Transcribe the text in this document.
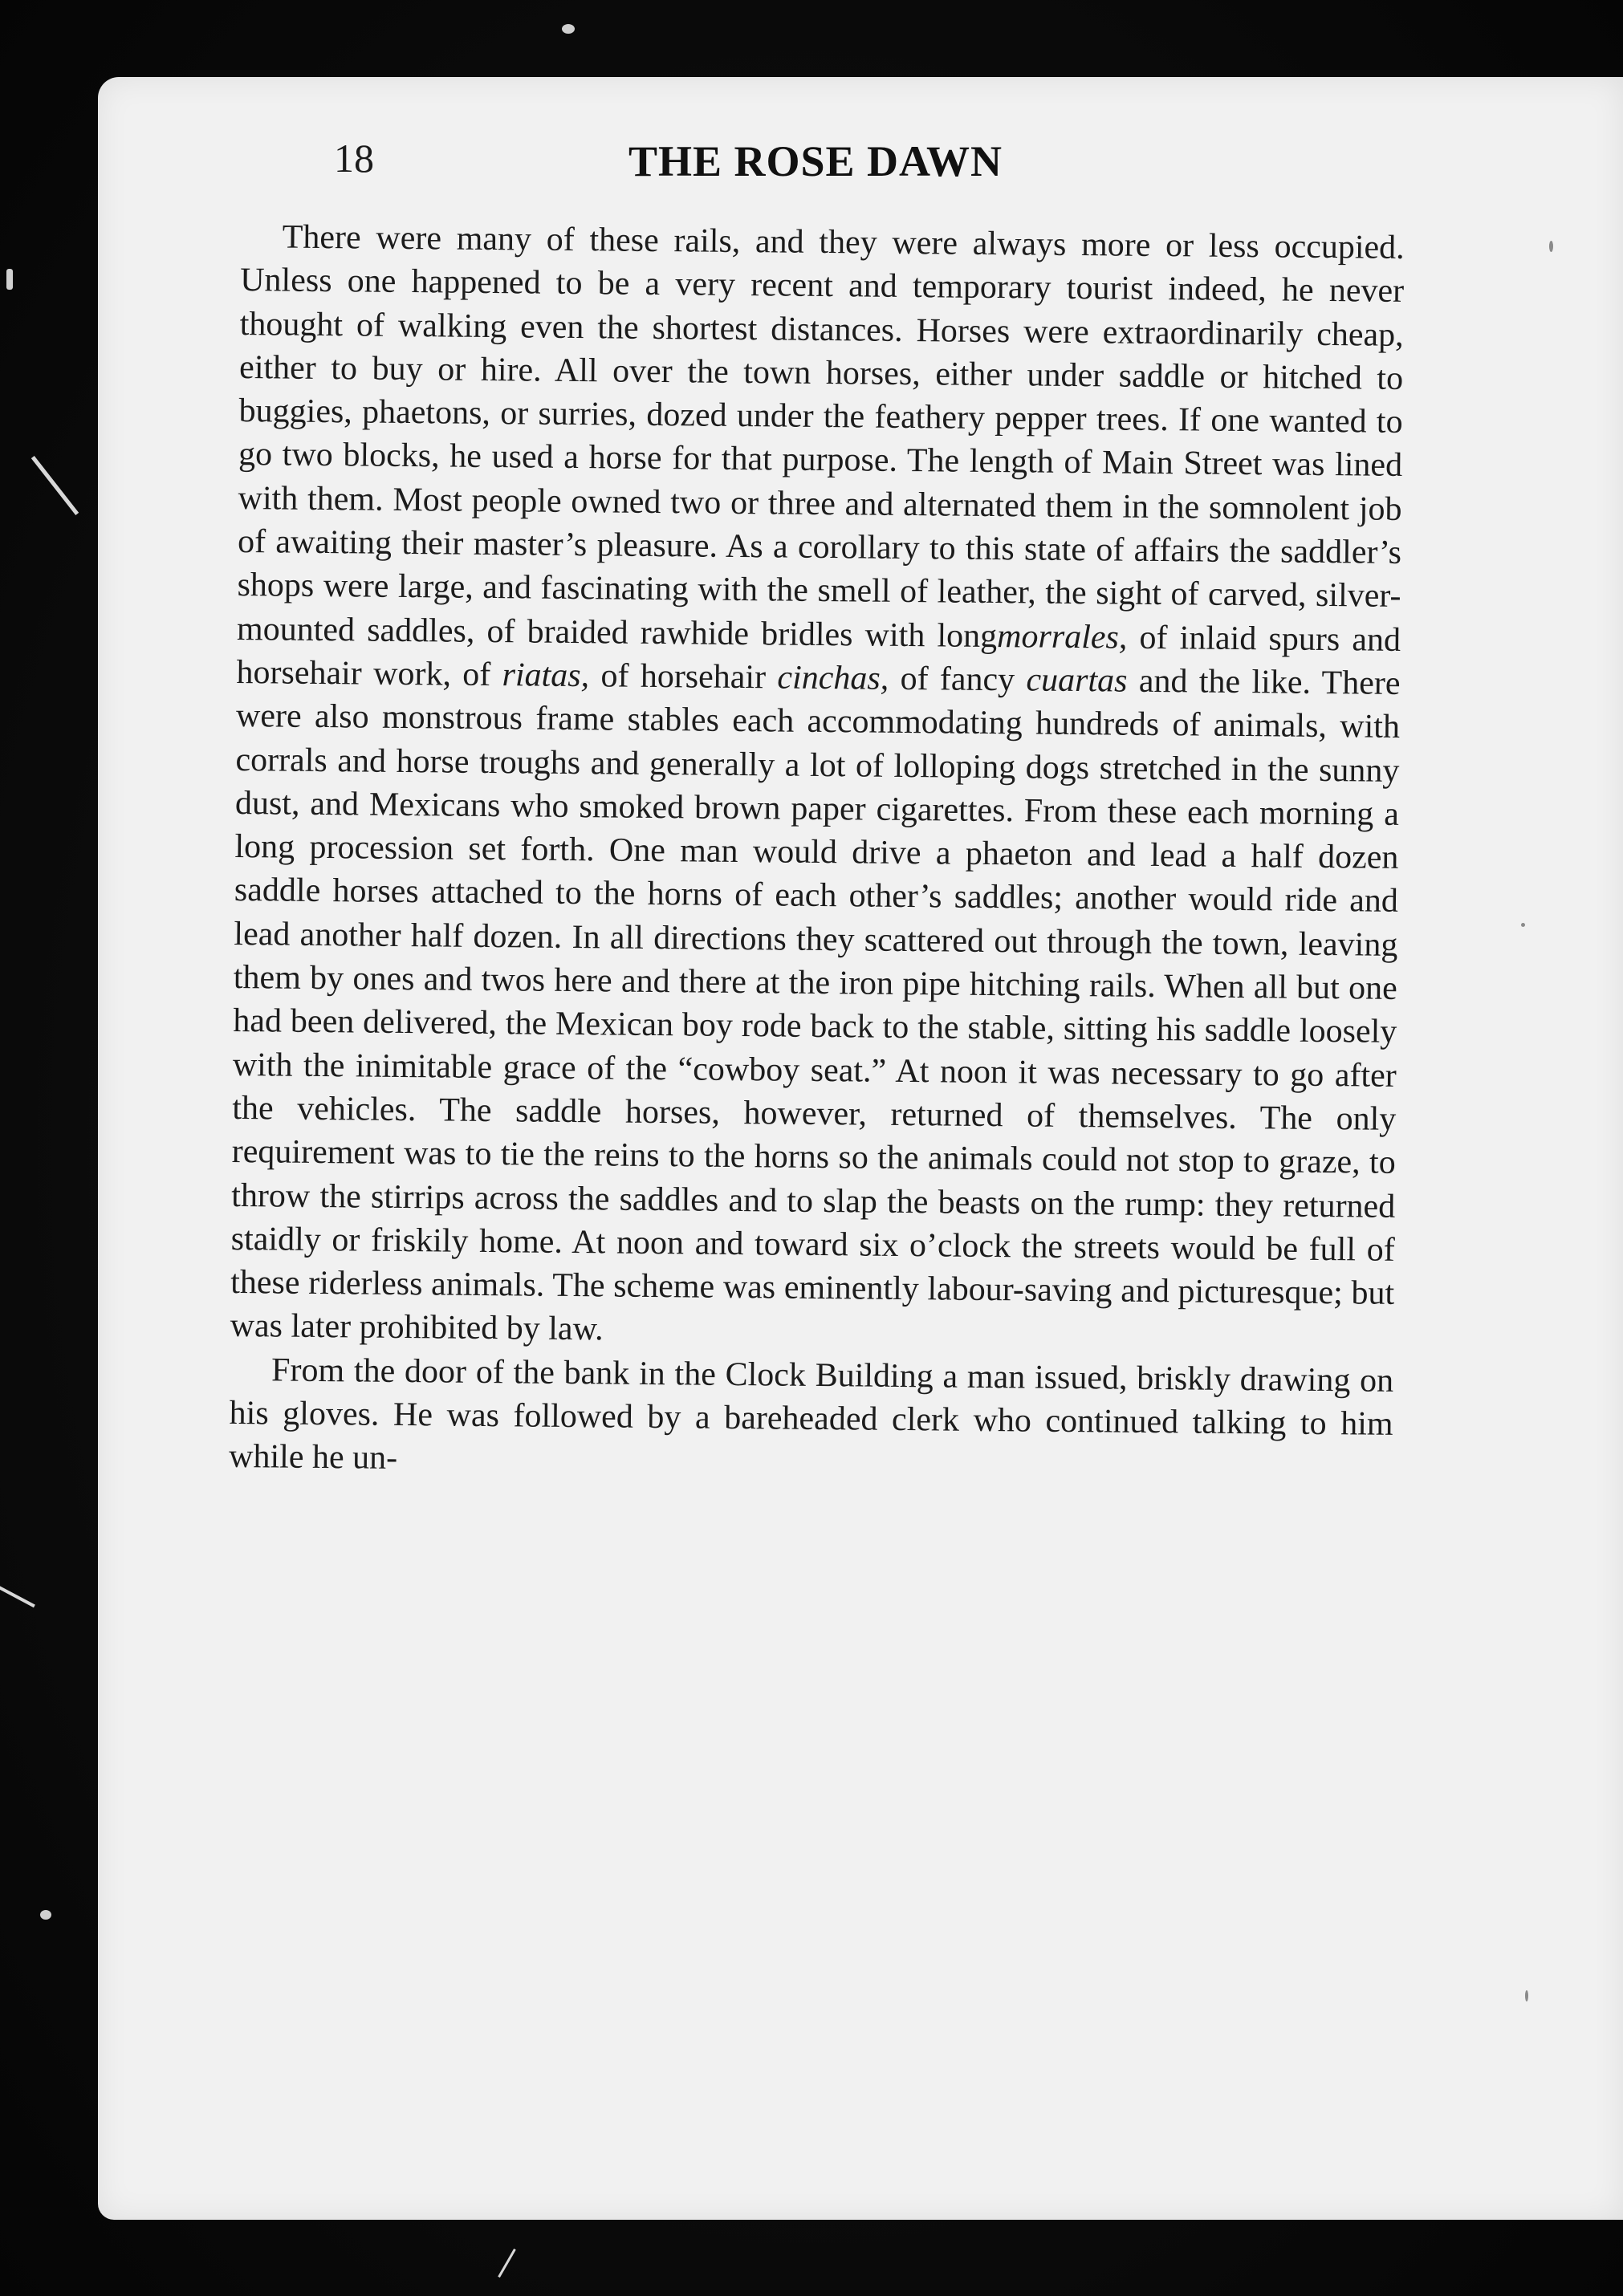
18	THE ROSE DAWN

There were many of these rails, and they were always more or less occupied. Unless one happened to be a very recent and temporary tourist indeed, he never thought of walking even the shortest distances. Horses were extraordinarily cheap, either to buy or hire. All over the town horses, either under saddle or hitched to buggies, phaetons, or surries, dozed under the feathery pepper trees. If one wanted to go two blocks, he used a horse for that purpose. The length of Main Street was lined with them. Most people owned two or three and alternated them in the somnolent job of awaiting their master’s pleasure. As a corollary to this state of affairs the saddler’s shops were large, and fascinating with the smell of leather, the sight of carved, silver-mounted saddles, of braided rawhide bridles with longmorrales, of inlaid spurs and horsehair work, of riatas, of horsehair cinchas, of fancy cuartas and the like. There were also monstrous frame stables each accommodating hundreds of animals, with corrals and horse troughs and generally a lot of lolloping dogs stretched in the sunny dust, and Mexicans who smoked brown paper cigarettes. From these each morning a long procession set forth. One man would drive a phaeton and lead a half dozen saddle horses attached to the horns of each other’s saddles; another would ride and lead another half dozen. In all directions they scattered out through the town, leaving them by ones and twos here and there at the iron pipe hitching rails. When all but one had been delivered, the Mexican boy rode back to the stable, sitting his saddle loosely with the inimitable grace of the “cowboy seat.” At noon it was necessary to go after the vehicles. The saddle horses, however, returned of themselves. The only requirement was to tie the reins to the horns so the animals could not stop to graze, to throw the stirrips across the saddles and to slap the beasts on the rump: they returned staidly or friskily home. At noon and toward six o’clock the streets would be full of these riderless animals. The scheme was eminently labour-saving and picturesque; but was later prohibited by law.

From the door of the bank in the Clock Building a man issued, briskly drawing on his gloves. He was followed by a bareheaded clerk who continued talking to him while he un-
